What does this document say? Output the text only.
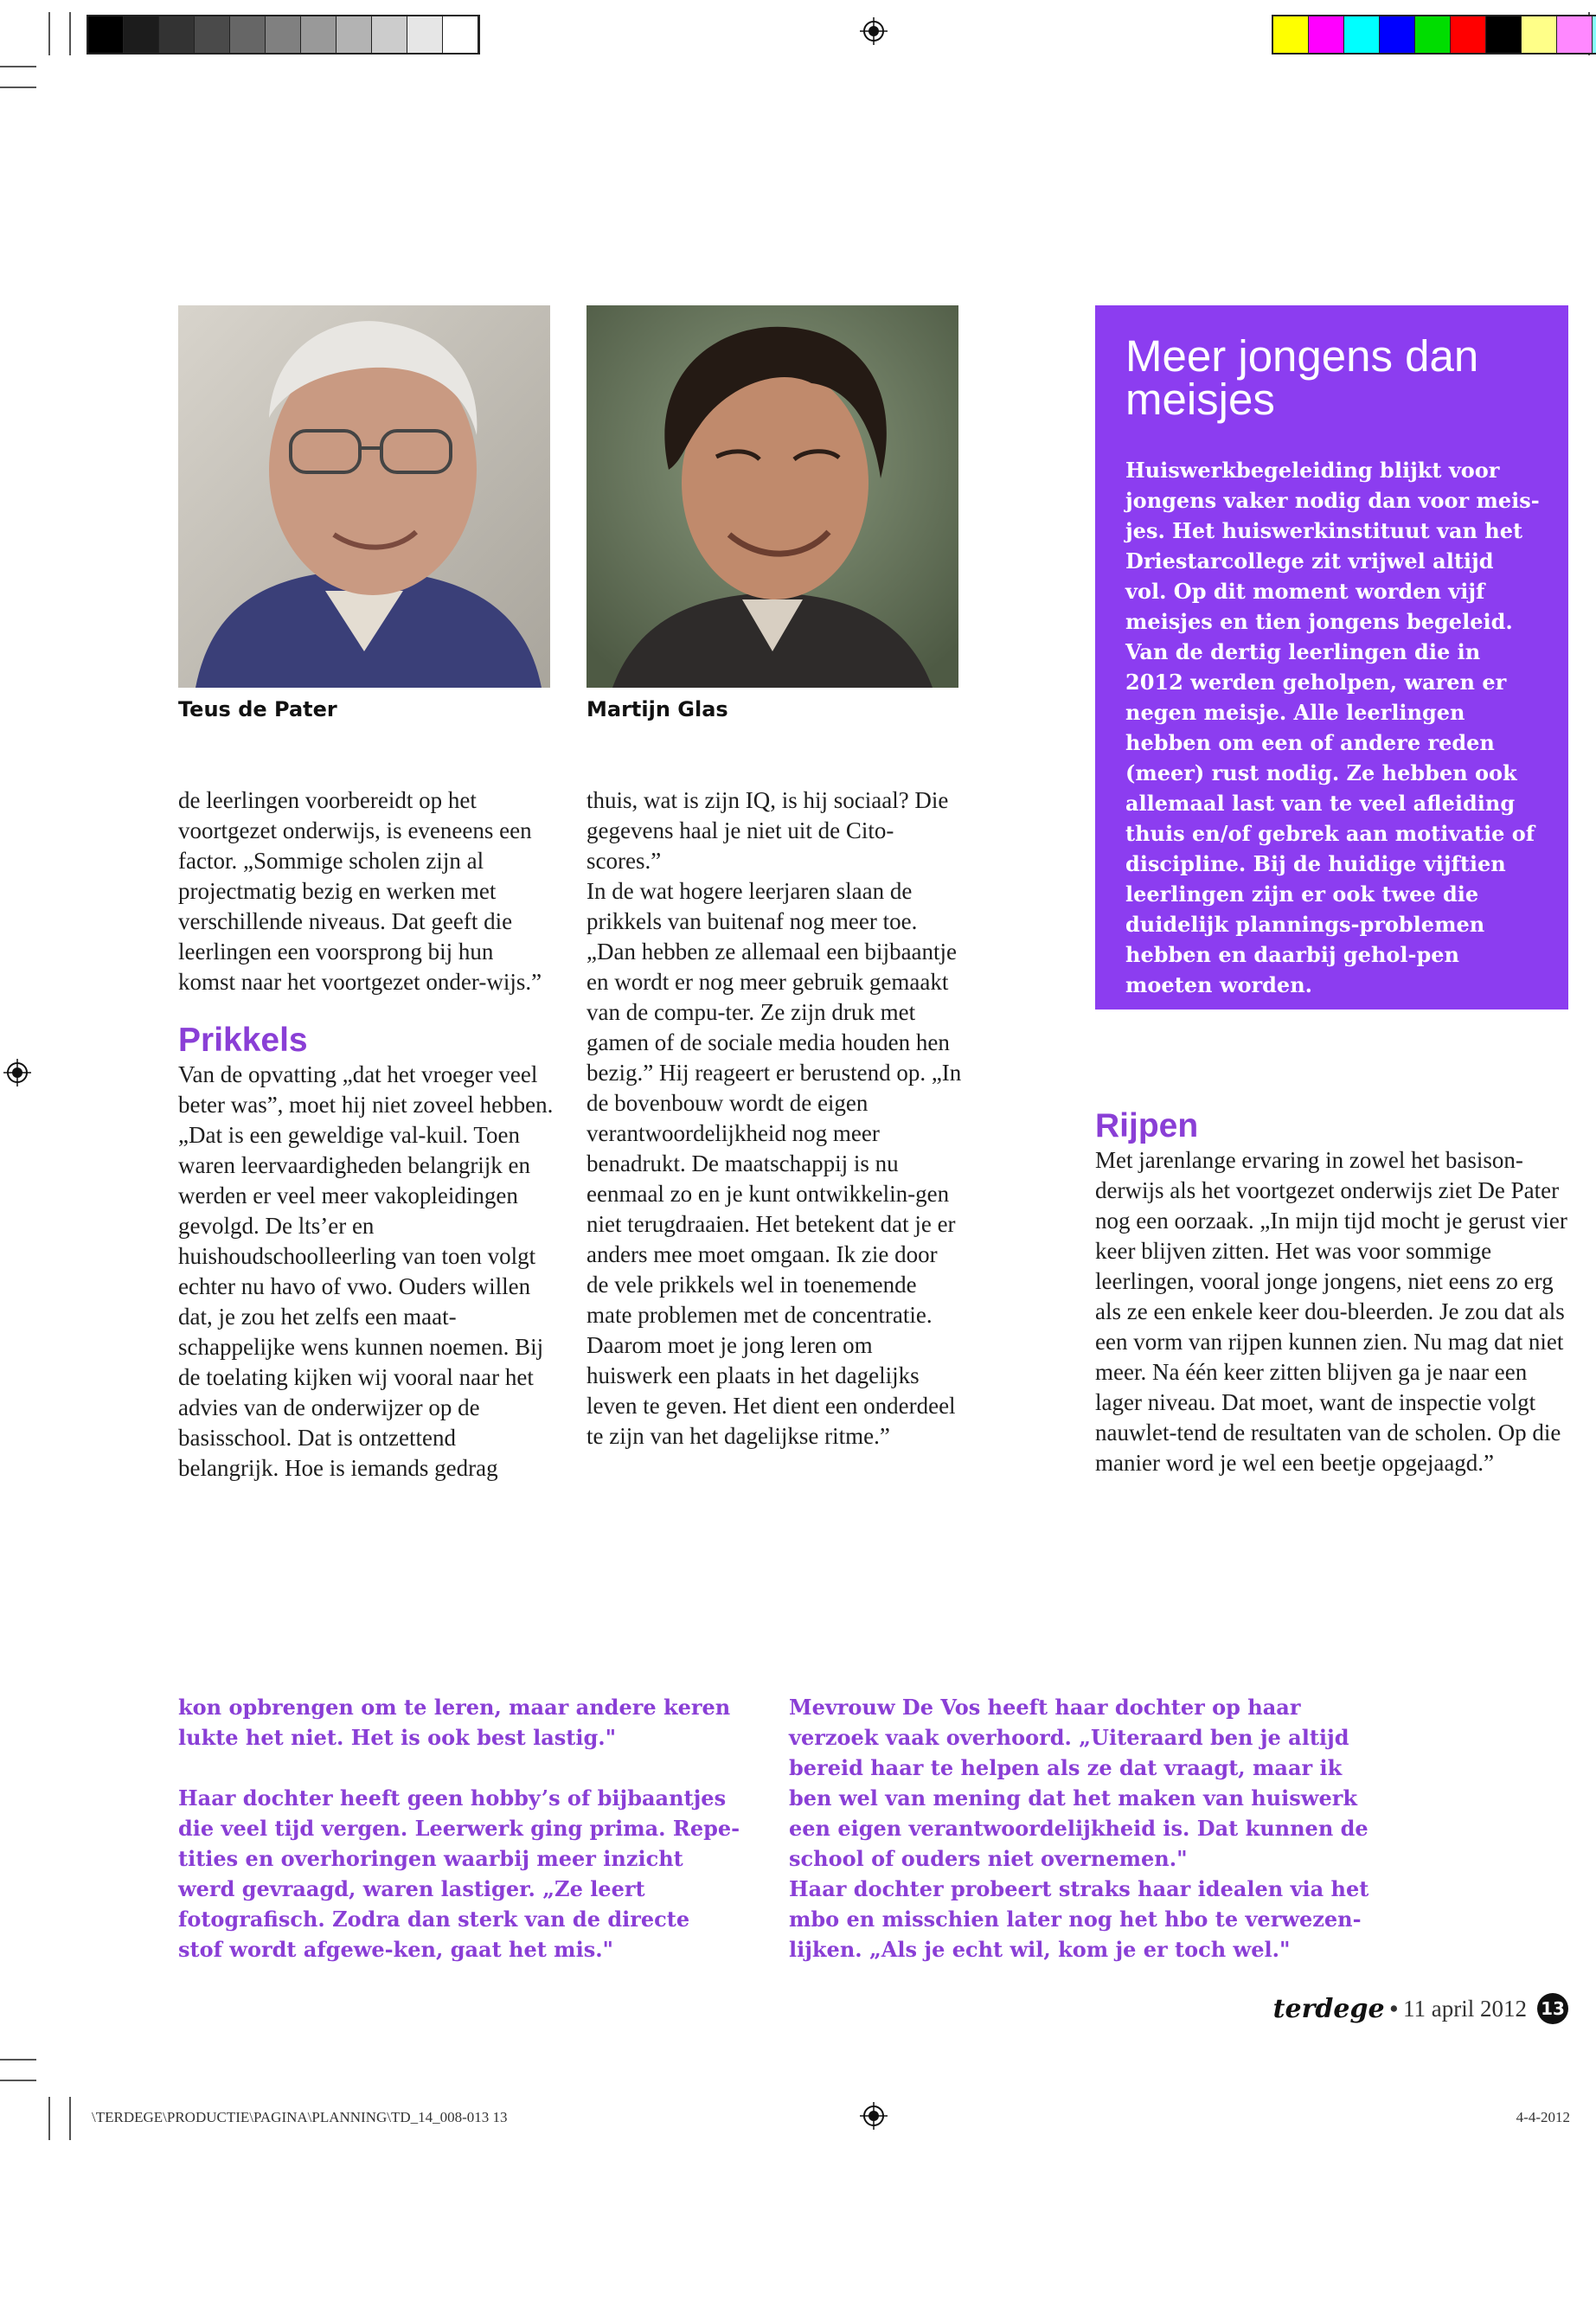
Teus de Pater	Martijn Glas

de leerlingen voorbereidt op het voortgezet onderwijs, is eveneens een factor. „Sommige scholen zijn al projectmatig bezig en werken met verschillende niveaus. Dat geeft die leerlingen een voorsprong bij hun komst naar het voortgezet onder-wijs.”

Prikkels

Van de opvatting „dat het vroeger veel beter was”, moet hij niet zoveel hebben. „Dat is een geweldige val-kuil. Toen waren leervaardigheden belangrijk en werden er veel meer vakopleidingen gevolgd. De lts’er en huishoudschoolleerling van toen volgt echter nu havo of vwo. Ouders willen dat, je zou het zelfs een maat-schappelijke wens kunnen noemen. Bij de toelating kijken wij vooral naar het advies van de onderwijzer op de basisschool. Dat is ontzettend belangrijk. Hoe is iemands gedrag

thuis, wat is zijn IQ, is hij sociaal? Die gegevens haal je niet uit de Cito-scores.”

In de wat hogere leerjaren slaan de prikkels van buitenaf nog meer toe. „Dan hebben ze allemaal een bijbaantje en wordt er nog meer gebruik gemaakt van de compu-ter. Ze zijn druk met gamen of de sociale media houden hen bezig.” Hij reageert er berustend op. „In de bovenbouw wordt de eigen verantwoordelijkheid nog meer benadrukt. De maatschappij is nu eenmaal zo en je kunt ontwikkelin-gen niet terugdraaien. Het betekent dat je er anders mee moet omgaan. Ik zie door de vele prikkels wel in toenemende mate problemen met de concentratie. Daarom moet je jong leren om huiswerk een plaats in het dagelijks leven te geven. Het dient een onderdeel te zijn van het dagelijkse ritme.”

Meer jongens dan meisjes
Huiswerkbegeleiding blijkt voor jongens vaker nodig dan voor meis-jes. Het huiswerkinstituut van het Driestarcollege zit vrijwel altijd vol. Op dit moment worden vijf meisjes en tien jongens begeleid. Van de dertig leerlingen die in 2012 werden geholpen, waren er negen meisje. Alle leerlingen hebben om een of andere reden (meer) rust nodig. Ze hebben ook allemaal last van te veel afleiding thuis en/of gebrek aan motivatie of discipline. Bij de huidige vijftien leerlingen zijn er ook twee die duidelijk plannings-problemen hebben en daarbij gehol-pen moeten worden.
Rijpen

Met jarenlange ervaring in zowel het basison-derwijs als het voortgezet onderwijs ziet De Pater nog een oorzaak. „In mijn tijd mocht je gerust vier keer blijven zitten. Het was voor sommige leerlingen, vooral jonge jongens, niet eens zo erg als ze een enkele keer dou-bleerden. Je zou dat als een vorm van rijpen kunnen zien. Nu mag dat niet meer. Na één keer zitten blijven ga je naar een lager niveau. Dat moet, want de inspectie volgt nauwlet-tend de resultaten van de scholen. Op die manier word je wel een beetje opgejaagd.”

kon opbrengen om te leren, maar andere keren lukte het niet. Het is ook best lastig."

Haar dochter heeft geen hobby’s of bijbaantjes die veel tijd vergen. Leerwerk ging prima. Repe-tities en overhoringen waarbij meer inzicht werd gevraagd, waren lastiger. „Ze leert fotografisch. Zodra dan sterk van de directe stof wordt afgewe-ken, gaat het mis."

Mevrouw De Vos heeft haar dochter op haar verzoek vaak overhoord. „Uiteraard ben je altijd bereid haar te helpen als ze dat vraagt, maar ik ben wel van mening dat het maken van huiswerk een eigen verantwoordelijkheid is. Dat kunnen de school of ouders niet overnemen."

Haar dochter probeert straks haar idealen via het mbo en misschien later nog het hbo te verwezen-lijken. „Als je echt wil, kom je er toch wel."

terdege • 11 april 2012 13
\TERDEGE\PRODUCTIE\PAGINA\PLANNING\TD_14_008-013 13	4-4-2012
